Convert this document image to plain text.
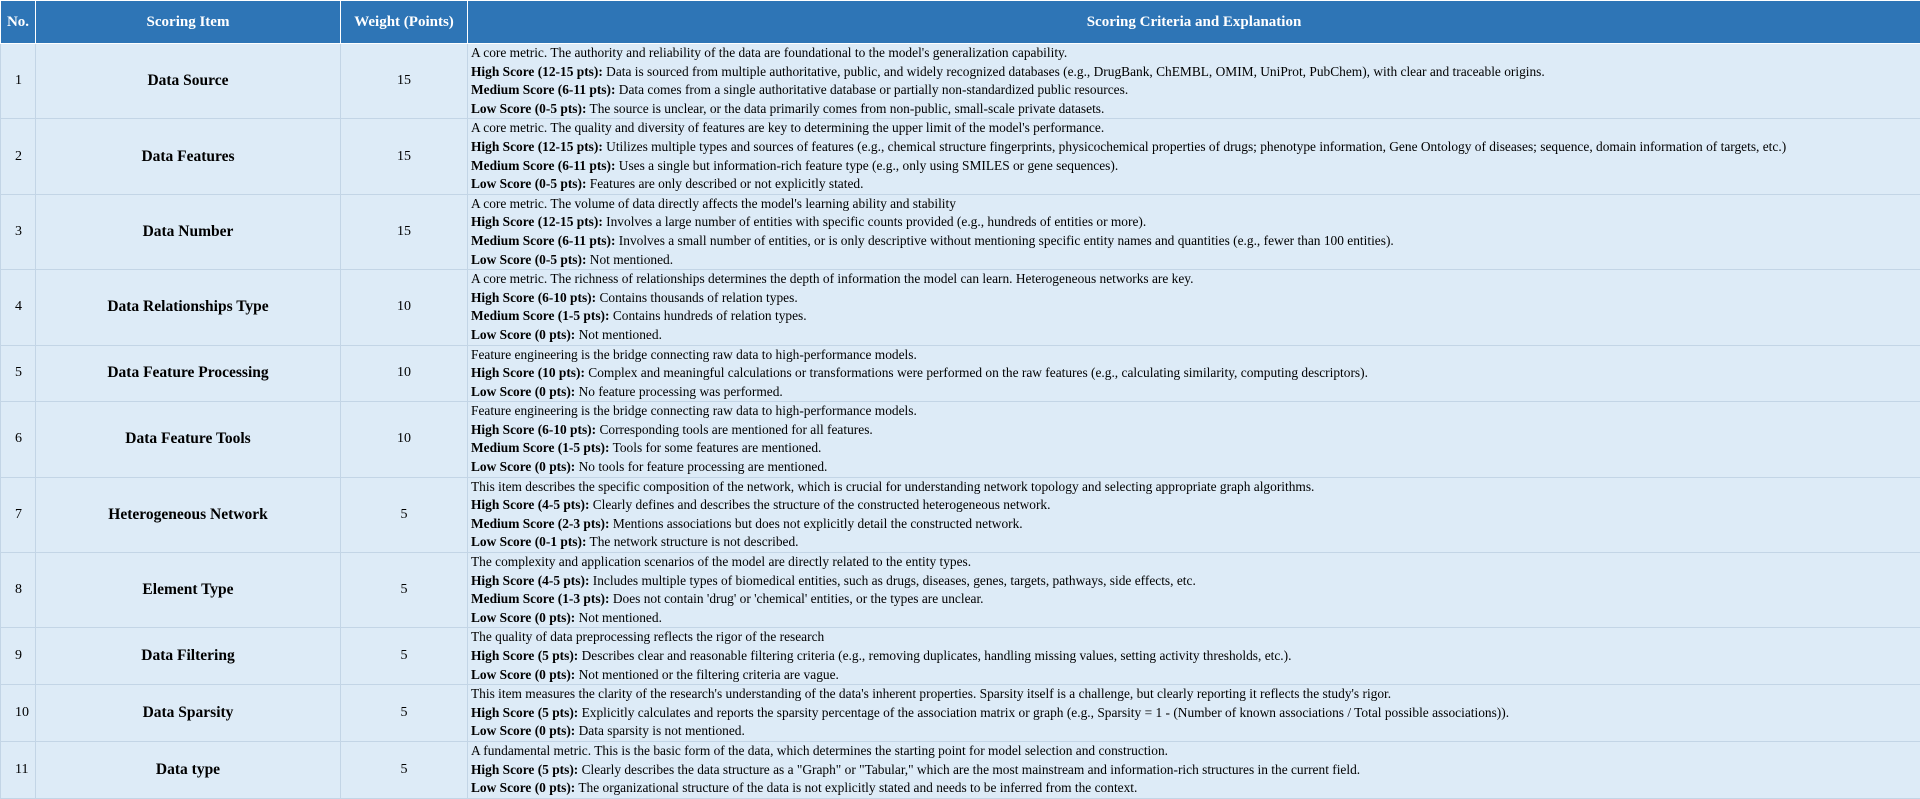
No.	Scoring Item	Weight (Points)	Scoring Criteria and Explanation
1	Data Source	15	A core metric. The authority and reliability of the data are foundational to the model's generalization capability.
High Score (12-15 pts): Data is sourced from multiple authoritative, public, and widely recognized databases (e.g., DrugBank, ChEMBL, OMIM, UniProt, PubChem), with clear and traceable origins.
Medium Score (6-11 pts): Data comes from a single authoritative database or partially non-standardized public resources.
Low Score (0-5 pts): The source is unclear, or the data primarily comes from non-public, small-scale private datasets.

2	Data Features	15	A core metric. The quality and diversity of features are key to determining the upper limit of the model's performance.
High Score (12-15 pts): Utilizes multiple types and sources of features (e.g., chemical structure fingerprints, physicochemical properties of drugs; phenotype information, Gene Ontology of diseases; sequence, domain information of targets, etc.)
Medium Score (6-11 pts): Uses a single but information-rich feature type (e.g., only using SMILES or gene sequences).
Low Score (0-5 pts): Features are only described or not explicitly stated.

3	Data Number	15	A core metric. The volume of data directly affects the model's learning ability and stability
High Score (12-15 pts): Involves a large number of entities with specific counts provided (e.g., hundreds of entities or more).
Medium Score (6-11 pts): Involves a small number of entities, or is only descriptive without mentioning specific entity names and quantities (e.g., fewer than 100 entities).
Low Score (0-5 pts): Not mentioned.

4	Data Relationships Type	10	A core metric. The richness of relationships determines the depth of information the model can learn. Heterogeneous networks are key.
High Score (6-10 pts): Contains thousands of relation types.
Medium Score (1-5 pts): Contains hundreds of relation types.
Low Score (0 pts): Not mentioned.

5	Data Feature Processing	10	Feature engineering is the bridge connecting raw data to high-performance models.
High Score (10 pts): Complex and meaningful calculations or transformations were performed on the raw features (e.g., calculating similarity, computing descriptors).
Low Score (0 pts): No feature processing was performed.

6	Data Feature Tools	10	Feature engineering is the bridge connecting raw data to high-performance models.
High Score (6-10 pts): Corresponding tools are mentioned for all features.
Medium Score (1-5 pts): Tools for some features are mentioned.
Low Score (0 pts): No tools for feature processing are mentioned.

7	Heterogeneous Network	5	This item describes the specific composition of the network, which is crucial for understanding network topology and selecting appropriate graph algorithms.
High Score (4-5 pts): Clearly defines and describes the structure of the constructed heterogeneous network.
Medium Score (2-3 pts): Mentions associations but does not explicitly detail the constructed network.
Low Score (0-1 pts): The network structure is not described.

8	Element Type	5	The complexity and application scenarios of the model are directly related to the entity types.
High Score (4-5 pts): Includes multiple types of biomedical entities, such as drugs, diseases, genes, targets, pathways, side effects, etc.
Medium Score (1-3 pts): Does not contain 'drug' or 'chemical' entities, or the types are unclear.
Low Score (0 pts): Not mentioned.

9	Data Filtering	5	The quality of data preprocessing reflects the rigor of the research
High Score (5 pts): Describes clear and reasonable filtering criteria (e.g., removing duplicates, handling missing values, setting activity thresholds, etc.).
Low Score (0 pts): Not mentioned or the filtering criteria are vague.

10	Data Sparsity	5	This item measures the clarity of the research's understanding of the data's inherent properties. Sparsity itself is a challenge, but clearly reporting it reflects the study's rigor.
High Score (5 pts): Explicitly calculates and reports the sparsity percentage of the association matrix or graph (e.g., Sparsity = 1 - (Number of known associations / Total possible associations)).
Low Score (0 pts): Data sparsity is not mentioned.

11	Data type	5	A fundamental metric. This is the basic form of the data, which determines the starting point for model selection and construction.
High Score (5 pts): Clearly describes the data structure as a "Graph" or "Tabular," which are the most mainstream and information-rich structures in the current field.
Low Score (0 pts): The organizational structure of the data is not explicitly stated and needs to be inferred from the context.
